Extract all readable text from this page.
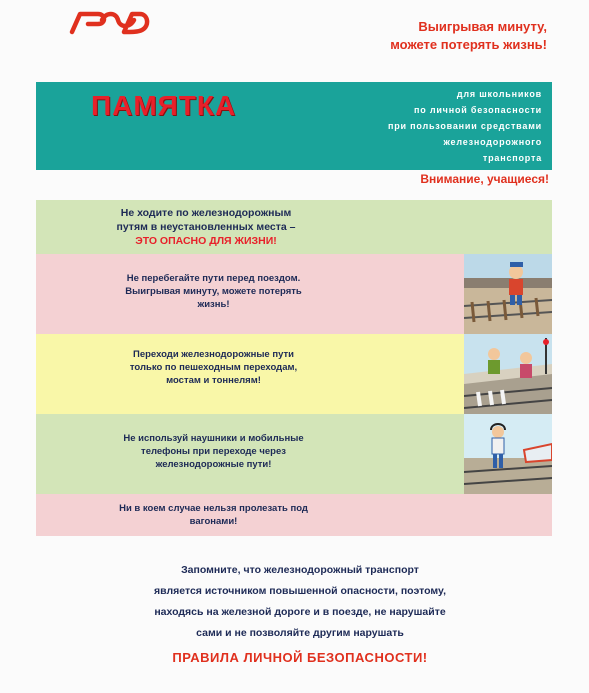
Выигрывая минуту,
можете потерять жизнь!
ПАМЯТКА	для школьников
по личной безопасности
при пользовании средствами
железнодорожного
транспорта
Внимание, учащиеся!
Не ходите по железнодорожным
путям в неустановленных места –
ЭТО ОПАСНО ДЛЯ ЖИЗНИ!
Не перебегайте пути перед поездом.
Выигрывая минуту, можете потерять
жизнь!
Переходи железнодорожные пути
только по пешеходным переходам,
мостам и тоннелям!
Не используй наушники и мобильные
телефоны при переходе через
железнодорожные пути!
Ни в коем случае нельзя пролезать под
вагонами!
Запомните, что железнодорожный транспорт
является источником повышенной опасности, поэтому,
находясь на железной дороге и в поезде, не нарушайте
сами и не позволяйте другим нарушать
ПРАВИЛА ЛИЧНОЙ БЕЗОПАСНОСТИ!
